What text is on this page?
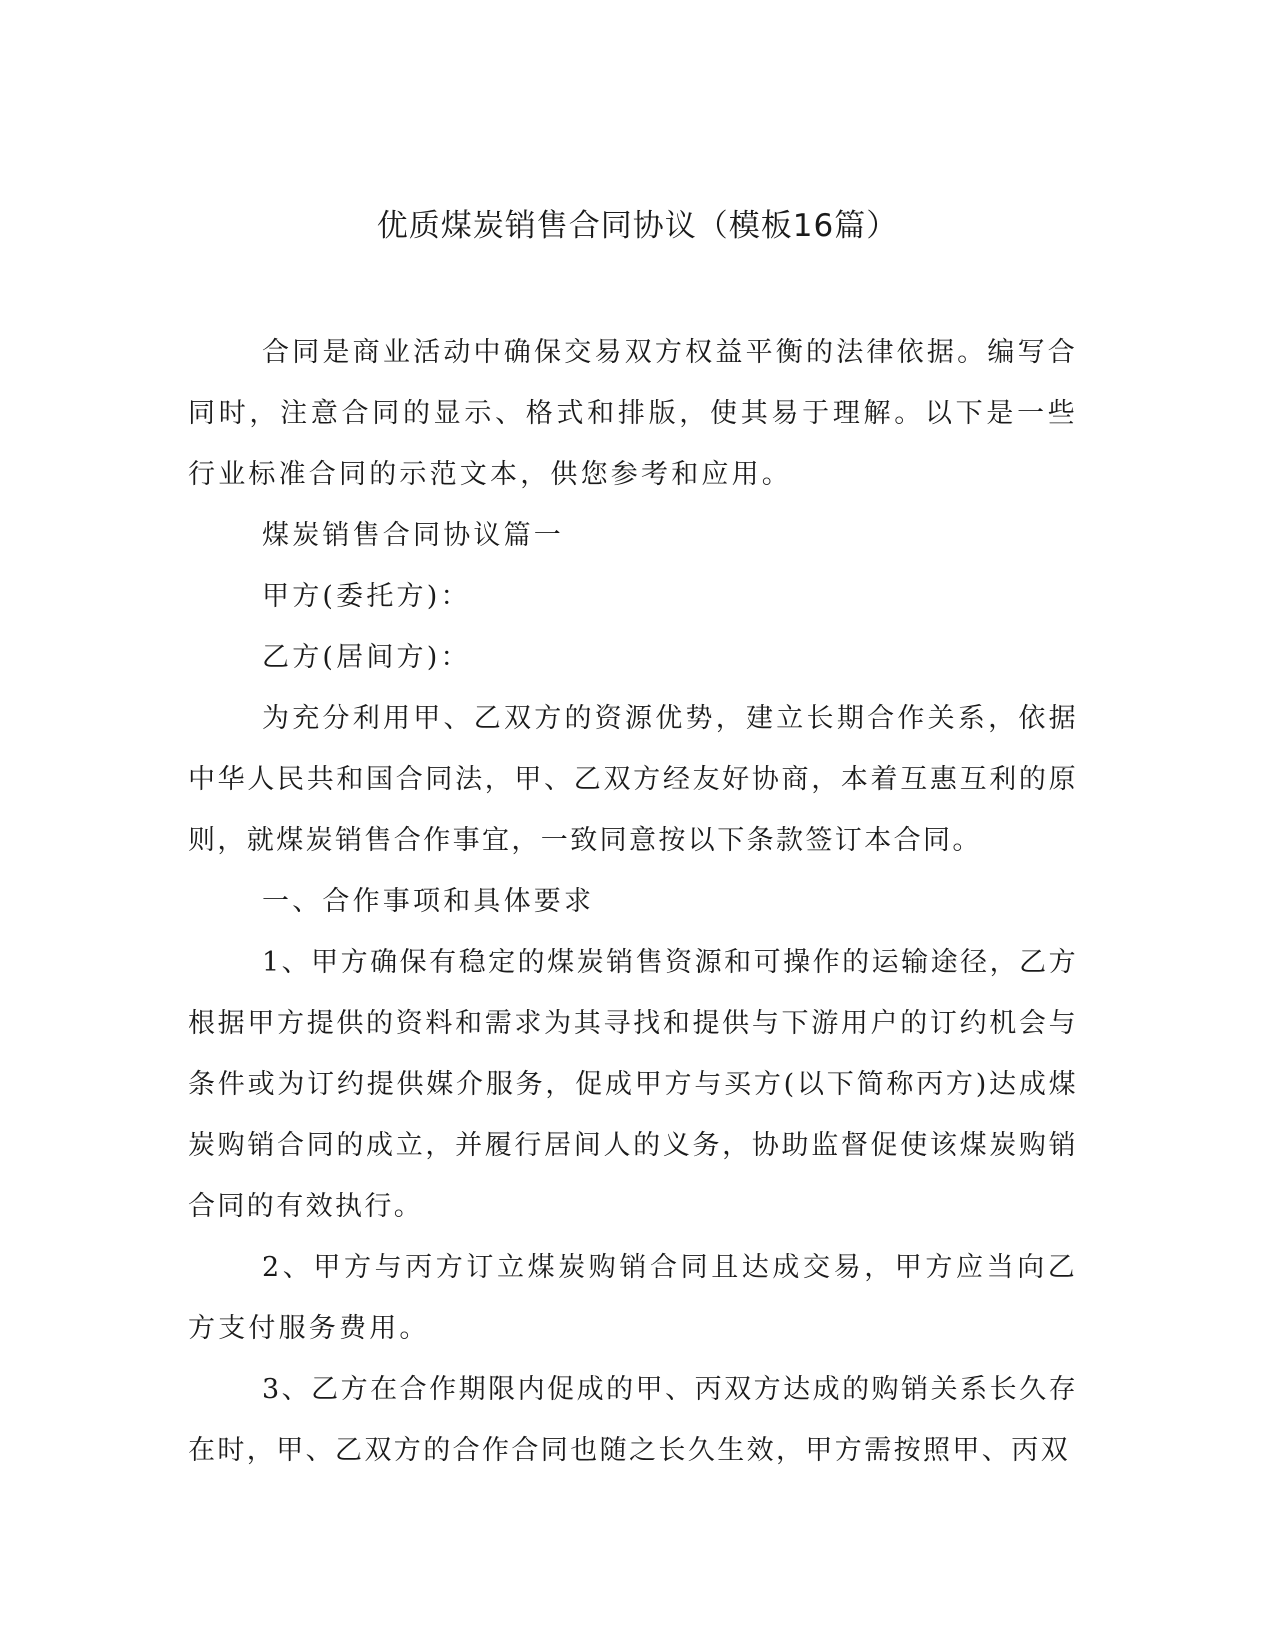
优质煤炭销售合同协议（模板16篇）

合同是商业活动中确保交易双方权益平衡的法律依据。编写合同时，注意合同的显示、格式和排版，使其易于理解。以下是一些行业标准合同的示范文本，供您参考和应用。

煤炭销售合同协议篇一

甲方(委托方)：

乙方(居间方)：

为充分利用甲、乙双方的资源优势，建立长期合作关系，依据中华人民共和国合同法，甲、乙双方经友好协商，本着互惠互利的原则，就煤炭销售合作事宜，一致同意按以下条款签订本合同。

一、合作事项和具体要求

1、甲方确保有稳定的煤炭销售资源和可操作的运输途径，乙方根据甲方提供的资料和需求为其寻找和提供与下游用户的订约机会与条件或为订约提供媒介服务，促成甲方与买方(以下简称丙方)达成煤炭购销合同的成立，并履行居间人的义务，协助监督促使该煤炭购销合同的有效执行。

2、甲方与丙方订立煤炭购销合同且达成交易，甲方应当向乙方支付服务费用。

3、乙方在合作期限内促成的甲、丙双方达成的购销关系长久存在时，甲、乙双方的合作合同也随之长久生效，甲方需按照甲、丙双
